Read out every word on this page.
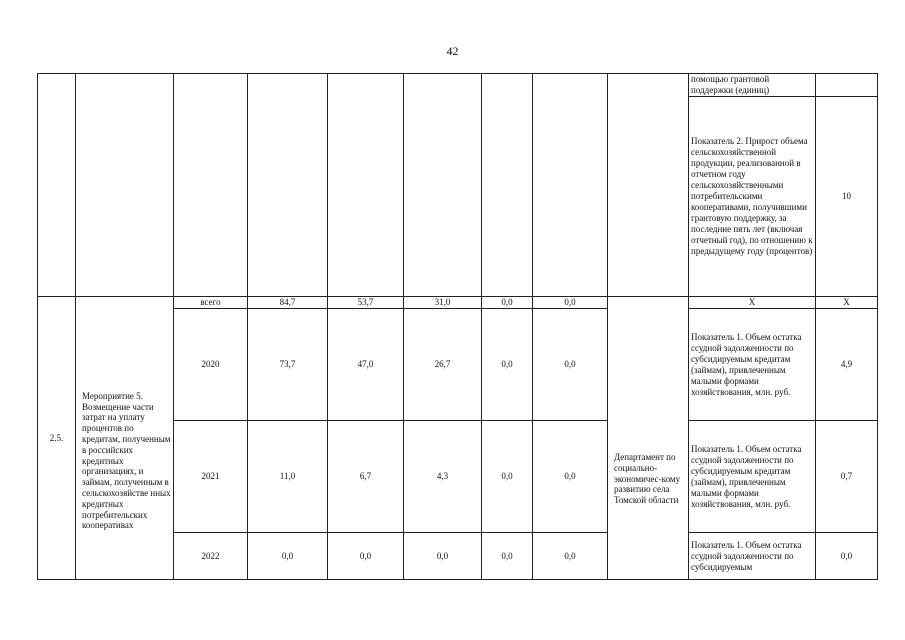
42
									помощью грантовой поддержки (единиц)	
									Показатель 2. Прирост объема сельскохозяйственной продукции, реализованной в отчетном году сельскохозяйственными потребительскими кооперативами, получившими грантовую поддержку, за последние пять лет (включая отчетный год), по отношению к предыдущему году (процентов)	10
2.5.	Мероприятие 5. Возмещение части затрат на уплату процентов по кредитам, полученным в российских кредитных организациях, и займам, полученным в сельскохозяйстве нных кредитных потребительских кооперативах	всего	84,7	53,7	31,0	0,0	0,0	Департамент по социально-экономичес-кому развитию села Томской области	Х	Х
		2020	73,7	47,0	26,7	0,0	0,0		Показатель 1. Объем остатка ссудной задолженности по субсидируемым кредитам (займам), привлеченным малыми формами хозяйствования, млн. руб.	4,9
		2021	11,0	6,7	4,3	0,0	0,0		Показатель 1. Объем остатка ссудной задолженности по субсидируемым кредитам (займам), привлеченным малыми формами хозяйствования, млн. руб.	0,7
		2022	0,0	0,0	0,0	0,0	0,0		Показатель 1. Объем остатка ссудной задолженности по субсидируемым	0,0
